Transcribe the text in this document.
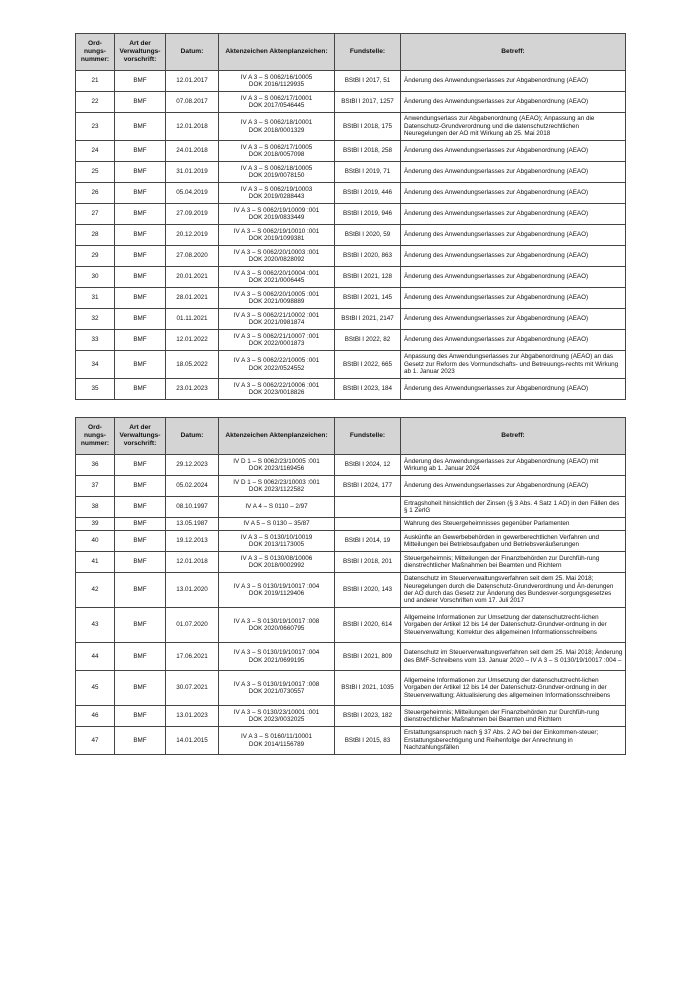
Ord-nungs-nummer:	Art der Verwaltungs-vorschrift:	Datum:	Aktenzeichen Aktenplanzeichen:	Fundstelle:	Betreff:
21	BMF	12.01.2017	IV A 3 – S 0062/16/10005
DOK 2016/1129935	BStBl I 2017, 51	Änderung des Anwendungserlasses zur Abgabenordnung (AEAO)
22	BMF	07.08.2017	IV A 3 – S 0062/17/10001
DOK 2017/0546445	BStBl I 2017, 1257	Änderung des Anwendungserlasses zur Abgabenordnung (AEAO)
23	BMF	12.01.2018	IV A 3 – S 0062/18/10001
DOK 2018/0001329	BStBl I 2018, 175	Anwendungserlass zur Abgabenordnung (AEAO); Anpassung an die Datenschutz-Grundverordnung und die datenschutzrechtlichen Neuregelungen der AO mit Wirkung ab 25. Mai 2018
24	BMF	24.01.2018	IV A 3 – S 0062/17/10005
DOK 2018/0057098	BStBl I 2018, 258	Änderung des Anwendungserlasses zur Abgabenordnung (AEAO)
25	BMF	31.01.2019	IV A 3 – S 0062/18/10005
DOK 2019/0078150	BStBl I 2019, 71	Änderung des Anwendungserlasses zur Abgabenordnung (AEAO)
26	BMF	05.04.2019	IV A 3 – S 0062/19/10003
DOK 2019/0288443	BStBl I 2019, 446	Änderung des Anwendungserlasses zur Abgabenordnung (AEAO)
27	BMF	27.09.2019	IV A 3 – S 0062/19/10009 :001
DOK 2019/0833449	BStBl I 2019, 946	Änderung des Anwendungserlasses zur Abgabenordnung (AEAO)
28	BMF	20.12.2019	IV A 3 – S 0062/19/10010 :001
DOK 2019/1099381	BStBl I 2020, 59	Änderung des Anwendungserlasses zur Abgabenordnung (AEAO)
29	BMF	27.08.2020	IV A 3 – S 0062/20/10003 :001
DOK 2020/0828092	BStBl I 2020, 863	Änderung des Anwendungserlasses zur Abgabenordnung (AEAO)
30	BMF	20.01.2021	IV A 3 – S 0062/20/10004 :001
DOK 2021/0006445	BStBl I 2021, 128	Änderung des Anwendungserlasses zur Abgabenordnung (AEAO)
31	BMF	28.01.2021	IV A 3 – S 0062/20/10005 :001
DOK 2021/0098889	BStBl I 2021, 145	Änderung des Anwendungserlasses zur Abgabenordnung (AEAO)
32	BMF	01.11.2021	IV A 3 – S 0062/21/10002 :001
DOK 2021/0981874	BStBl I 2021, 2147	Änderung des Anwendungserlasses zur Abgabenordnung (AEAO)
33	BMF	12.01.2022	IV A 3 – S 0062/21/10007 :001
DOK 2022/0001873	BStBl I 2022, 82	Änderung des Anwendungserlasses zur Abgabenordnung (AEAO)
34	BMF	18.05.2022	IV A 3 – S 0062/22/10005 :001
DOK 2022/0524552	BStBl I 2022, 665	Anpassung des Anwendungserlasses zur Abgabenordnung (AEAO) an das Gesetz zur Reform des Vormundschafts- und Betreuungs-rechts mit Wirkung ab 1. Januar 2023
35	BMF	23.01.2023	IV A 3 – S 0062/22/10006 :001
DOK 2023/0018826	BStBl I 2023, 184	Änderung des Anwendungserlasses zur Abgabenordnung (AEAO)
Ord-nungs-nummer:	Art der Verwaltungs-vorschrift:	Datum:	Aktenzeichen Aktenplanzeichen:	Fundstelle:	Betreff:
36	BMF	29.12.2023	IV D 1 – S 0062/23/10005 :001
DOK 2023/1169456	BStBl I 2024, 12	Änderung des Anwendungserlasses zur Abgabenordnung (AEAO) mit Wirkung ab 1. Januar 2024
37	BMF	05.02.2024	IV D 1 – S 0062/23/10003 :001
DOK 2023/1122582	BStBl I 2024, 177	Änderung des Anwendungserlasses zur Abgabenordnung (AEAO)
38	BMF	08.10.1997	IV A 4 – S 0110 – 2/97		Ertragshoheit hinsichtlich der Zinsen (§ 3 Abs. 4 Satz 1 AO) in den Fällen des § 1 ZerlG
39	BMF	13.05.1987	IV A 5 – S 0130 – 35/87		Wahrung des Steuergeheimnisses gegenüber Parlamenten
40	BMF	19.12.2013	IV A 3 – S 0130/10/10019
DOK 2013/1173005	BStBl I 2014, 19	Auskünfte an Gewerbebehörden in gewerberechtlichen Verfahren und Mitteilungen bei Betriebsaufgaben und Betriebsveräußerungen
41	BMF	12.01.2018	IV A 3 – S 0130/08/10006
DOK 2018/0002992	BStBl I 2018, 201	Steuergeheimnis; Mitteilungen der Finanzbehörden zur Durchfüh-rung dienstrechtlicher Maßnahmen bei Beamten und Richtern
42	BMF	13.01.2020	IV A 3 – S 0130/19/10017 :004
DOK 2019/1129406	BStBl I 2020, 143	Datenschutz im Steuerverwaltungsverfahren seit dem 25. Mai 2018; Neuregelungen durch die Datenschutz-Grundverordnung und Än-derungen der AO durch das Gesetz zur Änderung des Bundesver-sorgungsgesetzes und anderer Vorschriften vom 17. Juli 2017
43	BMF	01.07.2020	IV A 3 – S 0130/19/10017 :008
DOK 2020/0660795	BStBl I 2020, 614	Allgemeine Informationen zur Umsetzung der datenschutzrecht-lichen Vorgaben der Artikel 12 bis 14 der Datenschutz-Grundver-ordnung in der Steuerverwaltung; Korrektur des allgemeinen Informationsschreibens
44	BMF	17.06.2021	IV A 3 – S 0130/19/10017 :004
DOK 2021/0699195	BStBl I 2021, 809	Datenschutz im Steuerverwaltungsverfahren seit dem 25. Mai 2018; Änderung des BMF-Schreibens vom 13. Januar 2020 – IV A 3 – S 0130/19/10017 :004 –
45	BMF	30.07.2021	IV A 3 – S 0130/19/10017 :008
DOK 2021/0730557	BStBl I 2021, 1035	Allgemeine Informationen zur Umsetzung der datenschutzrecht-lichen Vorgaben der Artikel 12 bis 14 der Datenschutz-Grundver-ordnung in der Steuerverwaltung; Aktualisierung des allgemeinen Informationsschreibens
46	BMF	13.01.2023	IV A 3 – S 0130/23/10001 :001
DOK 2023/0032025	BStBl I 2023, 182	Steuergeheimnis; Mitteilungen der Finanzbehörden zur Durchfüh-rung dienstrechtlicher Maßnahmen bei Beamten und Richtern
47	BMF	14.01.2015	IV A 3 – S 0160/11/10001
DOK 2014/1156789	BStBl I 2015, 83	Erstattungsanspruch nach § 37 Abs. 2 AO bei der Einkommen-steuer; Erstattungsberechtigung und Reihenfolge der Anrechnung in Nachzahlungsfällen
